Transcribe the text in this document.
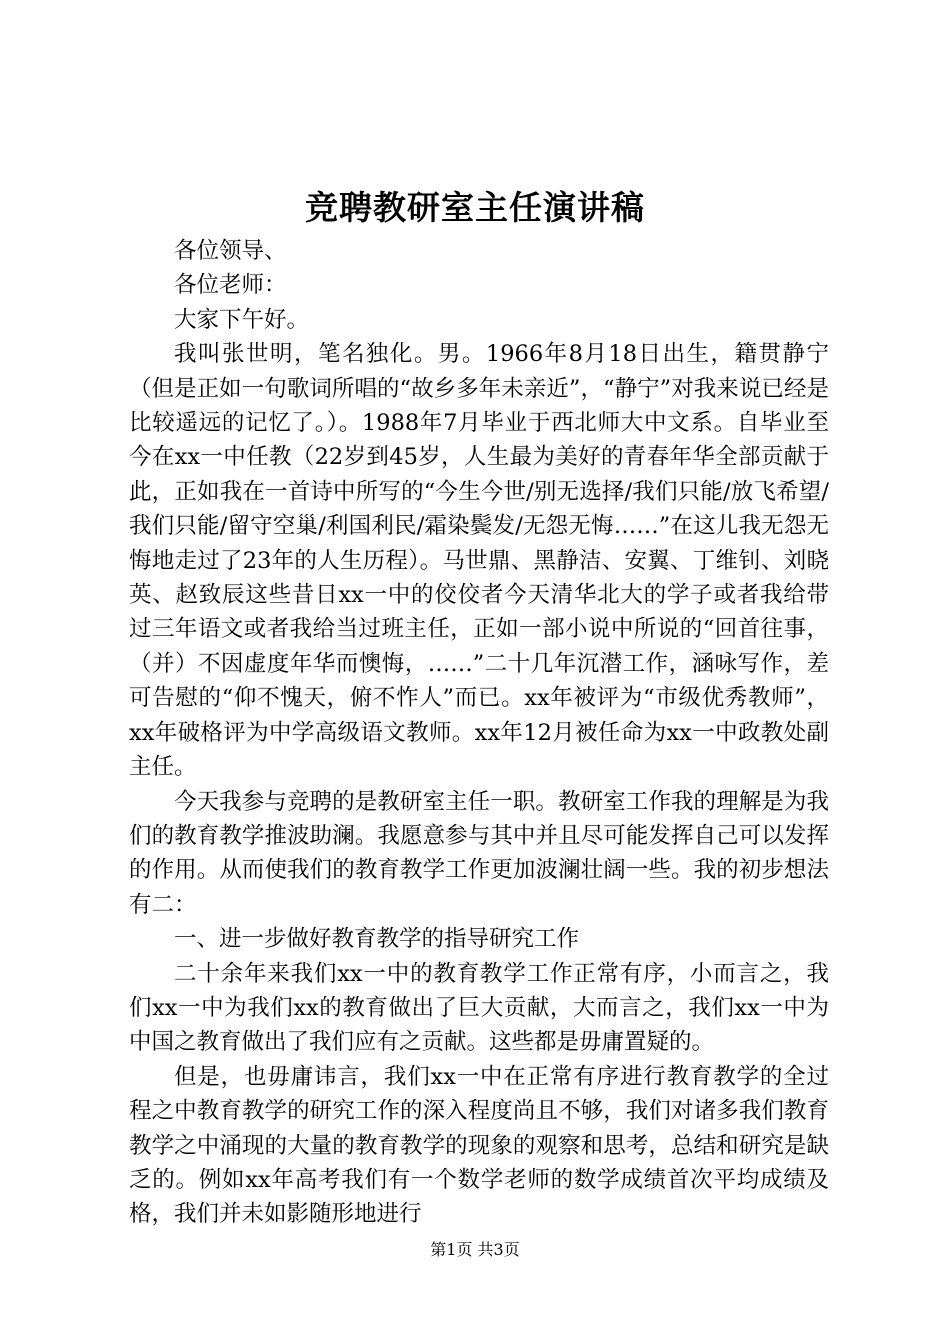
竞聘教研室主任演讲稿

各位领导、

各位老师：

大家下午好。

我叫张世明，笔名独化。男。1966年8月18日出生，籍贯静宁（但是正如一句歌词所唱的“故乡多年未亲近”，“静宁”对我来说已经是比较遥远的记忆了。）。1988年7月毕业于西北师大中文系。自毕业至今在xx一中任教（22岁到45岁，人生最为美好的青春年华全部贡献于此，正如我在一首诗中所写的“今生今世/别无选择/我们只能/放飞希望/我们只能/留守空巢/利国利民/霜染鬓发/无怨无悔……”在这儿我无怨无悔地走过了23年的人生历程）。马世鼎、黑静洁、安翼、丁维钊、刘晓英、赵致辰这些昔日xx一中的佼佼者今天清华北大的学子或者我给带过三年语文或者我给当过班主任，正如一部小说中所说的“回首往事，（并）不因虚度年华而懊悔，……”二十几年沉潜工作，涵咏写作，差可告慰的“仰不愧天，俯不怍人”而已。xx年被评为“市级优秀教师”，xx年破格评为中学高级语文教师。xx年12月被任命为xx一中政教处副主任。

今天我参与竞聘的是教研室主任一职。教研室工作我的理解是为我们的教育教学推波助澜。我愿意参与其中并且尽可能发挥自己可以发挥的作用。从而使我们的教育教学工作更加波澜壮阔一些。我的初步想法有二：

一、进一步做好教育教学的指导研究工作

二十余年来我们xx一中的教育教学工作正常有序，小而言之，我们xx一中为我们xx的教育做出了巨大贡献，大而言之，我们xx一中为中国之教育做出了我们应有之贡献。这些都是毋庸置疑的。

但是，也毋庸讳言，我们xx一中在正常有序进行教育教学的全过程之中教育教学的研究工作的深入程度尚且不够，我们对诸多我们教育教学之中涌现的大量的教育教学的现象的观察和思考，总结和研究是缺乏的。例如xx年高考我们有一个数学老师的数学成绩首次平均成绩及格，我们并未如影随形地进行

第1页 共3页
